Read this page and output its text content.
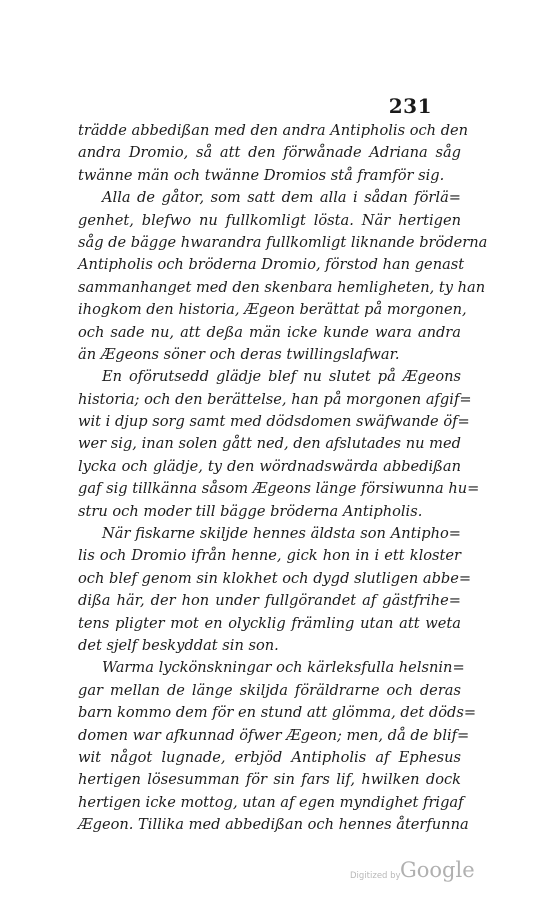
231
trädde abbedißan med den andra Antipholis och den
andra Dromio, så att den förwånade Adriana såg
twänne män och twänne Dromios stå framför sig.
Alla de gåtor, som satt dem alla i sådan förlä=
genhet, blefwo nu fullkomligt lösta. När hertigen
såg de bägge hwarandra fullkomligt liknande bröderna
Antipholis och bröderna Dromio, förstod han genast
sammanhanget med den skenbara hemligheten, ty han
ihogkom den historia, Ægeon berättat på morgonen,
och sade nu, att deßa män icke kunde wara andra
än Ægeons söner och deras twillingslafwar.
En oförutsedd glädje blef nu slutet på Ægeons
historia; och den berättelse, han på morgonen afgif=
wit i djup sorg samt med dödsdomen swäfwande öf=
wer sig, inan solen gått ned, den afslutades nu med
lycka och glädje, ty den wördnadswärda abbedißan
gaf sig tillkänna såsom Ægeons länge försiwunna hu=
stru och moder till bägge bröderna Antipholis.
När fiskarne skiljde hennes äldsta son Antipho=
lis och Dromio ifrån henne, gick hon in i ett kloster
och blef genom sin klokhet och dygd slutligen abbe=
dißa här, der hon under fullgörandet af gästfrihe=
tens pligter mot en olycklig främling utan att weta
det sjelf beskyddat sin son.
Warma lyckönskningar och kärleksfulla helsnin=
gar mellan de länge skiljda föräldrarne och deras
barn kommo dem för en stund att glömma, det döds=
domen war afkunnad öfwer Ægeon; men, då de blif=
wit något lugnade, erbjöd Antipholis af Ephesus
hertigen lösesumman för sin fars lif, hwilken dock
hertigen icke mottog, utan af egen myndighet frigaf
Ægeon. Tillika med abbedißan och hennes återfunna
Digitized by Google
